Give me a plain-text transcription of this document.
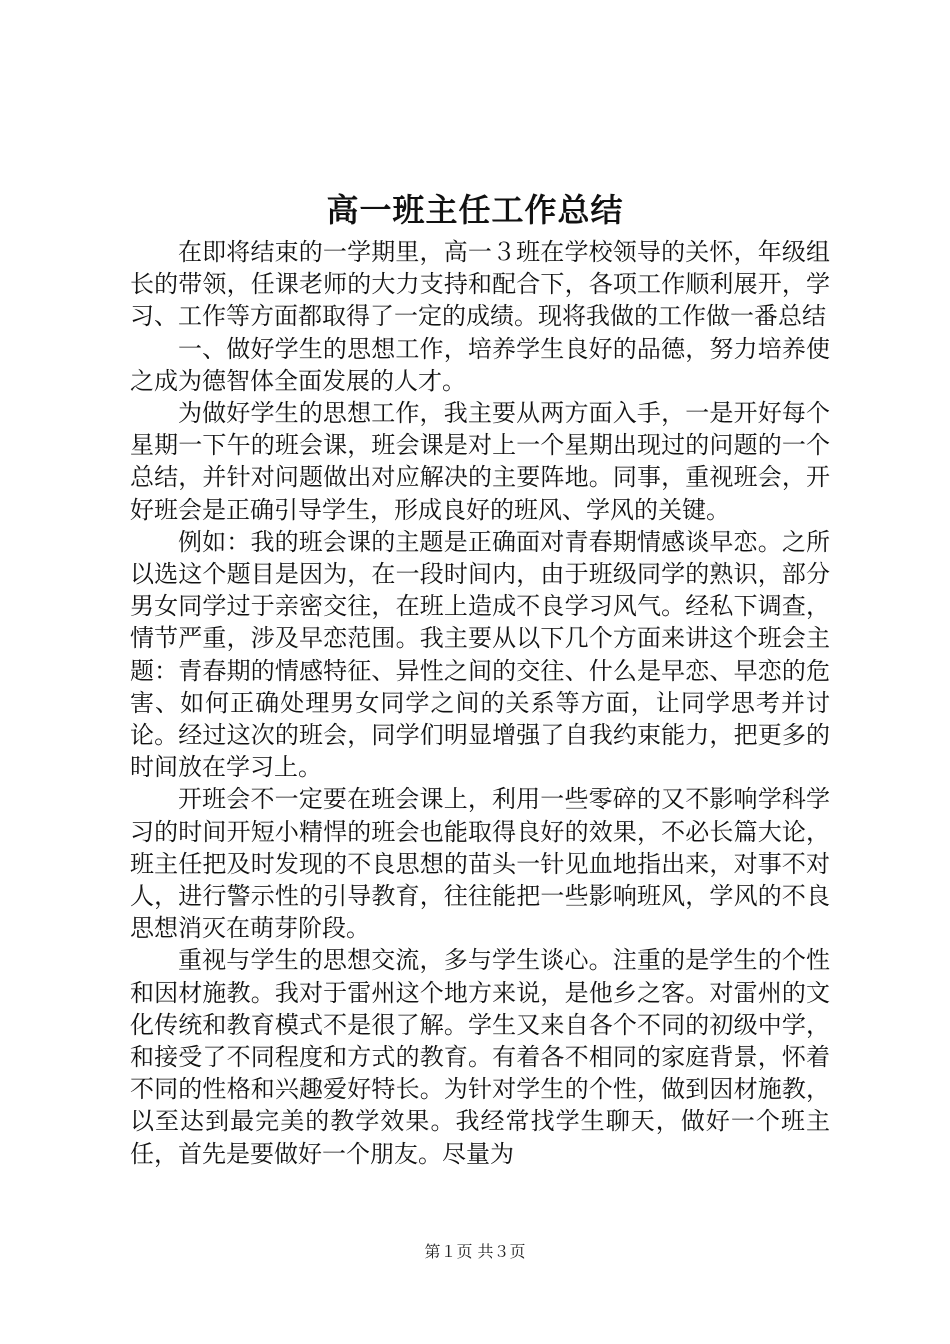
高一班主任工作总结

在即将结束的一学期里，高一３班在学校领导的关怀，年级组长的带领，任课老师的大力支持和配合下，各项工作顺利展开，学习、工作等方面都取得了一定的成绩。现将我做的工作做一番总结

一、做好学生的思想工作，培养学生良好的品德，努力培养使之成为德智体全面发展的人才。

为做好学生的思想工作，我主要从两方面入手，一是开好每个星期一下午的班会课，班会课是对上一个星期出现过的问题的一个总结，并针对问题做出对应解决的主要阵地。同事，重视班会，开好班会是正确引导学生，形成良好的班风、学风的关键。

例如：我的班会课的主题是正确面对青春期情感谈早恋。之所以选这个题目是因为，在一段时间内，由于班级同学的熟识，部分男女同学过于亲密交往，在班上造成不良学习风气。经私下调查，情节严重，涉及早恋范围。我主要从以下几个方面来讲这个班会主题：青春期的情感特征、异性之间的交往、什么是早恋、早恋的危害、如何正确处理男女同学之间的关系等方面，让同学思考并讨论。经过这次的班会，同学们明显增强了自我约束能力，把更多的时间放在学习上。

开班会不一定要在班会课上，利用一些零碎的又不影响学科学习的时间开短小精悍的班会也能取得良好的效果，不必长篇大论，班主任把及时发现的不良思想的苗头一针见血地指出来，对事不对人，进行警示性的引导教育，往往能把一些影响班风，学风的不良思想消灭在萌芽阶段。

重视与学生的思想交流，多与学生谈心。注重的是学生的个性和因材施教。我对于雷州这个地方来说，是他乡之客。对雷州的文化传统和教育模式不是很了解。学生又来自各个不同的初级中学，和接受了不同程度和方式的教育。有着各不相同的家庭背景，怀着不同的性格和兴趣爱好特长。为针对学生的个性，做到因材施教，以至达到最完美的教学效果。我经常找学生聊天，做好一个班主任，首先是要做好一个朋友。尽量为

第１页 共３页
